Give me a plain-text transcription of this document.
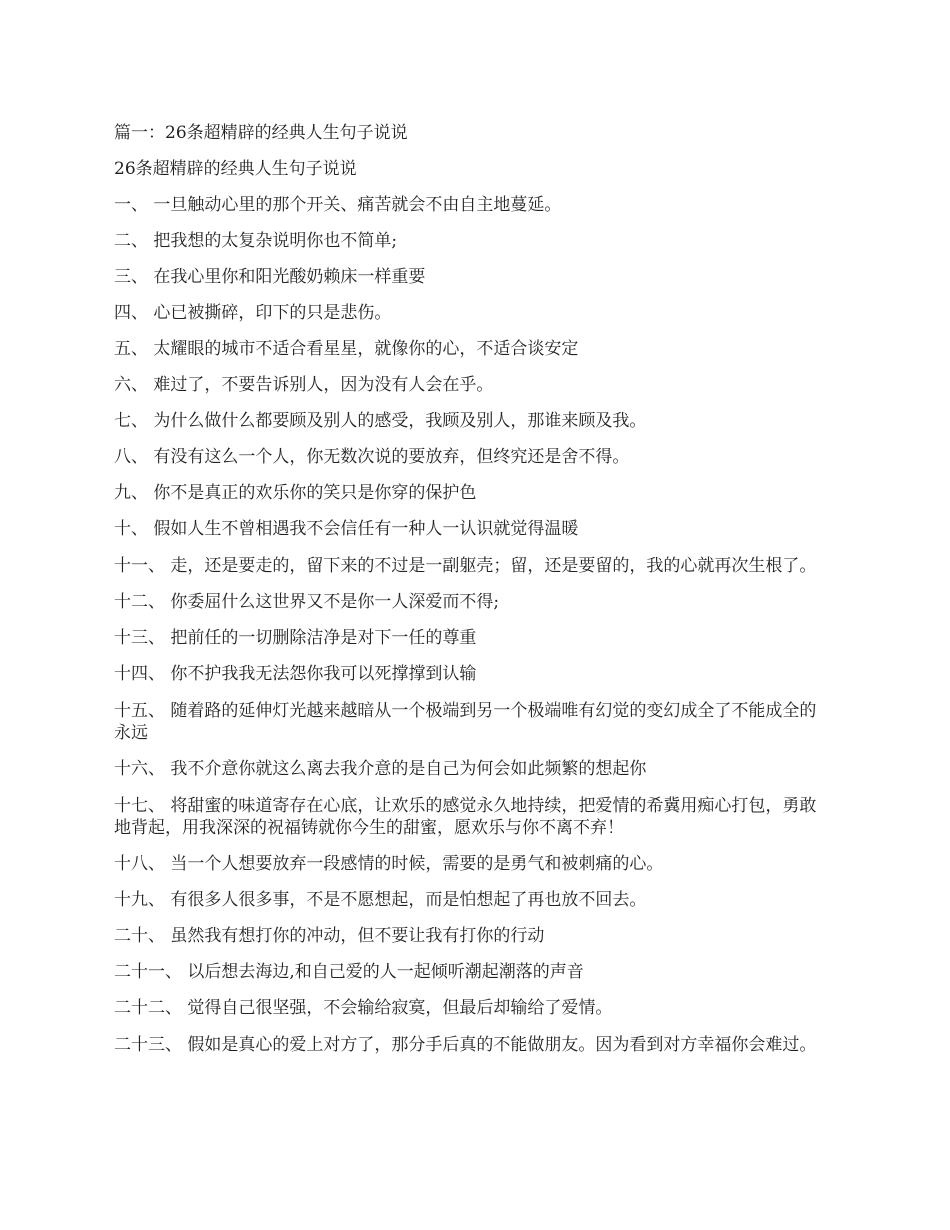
篇一：26条超精辟的经典人生句子说说

26条超精辟的经典人生句子说说

一、 一旦触动心里的那个开关、痛苦就会不由自主地蔓延。

二、 把我想的太复杂说明你也不简单;

三、 在我心里你和阳光酸奶赖床一样重要

四、 心已被撕碎，印下的只是悲伤。

五、 太耀眼的城市不适合看星星，就像你的心，不适合谈安定

六、 难过了，不要告诉别人，因为没有人会在乎。

七、 为什么做什么都要顾及别人的感受，我顾及别人，那谁来顾及我。

八、 有没有这么一个人，你无数次说的要放弃，但终究还是舍不得。

九、 你不是真正的欢乐你的笑只是你穿的保护色

十、 假如人生不曾相遇我不会信任有一种人一认识就觉得温暖

十一、 走，还是要走的，留下来的不过是一副躯壳；留，还是要留的，我的心就再次生根了。

十二、 你委屈什么这世界又不是你一人深爱而不得;

十三、 把前任的一切删除洁净是对下一任的尊重

十四、 你不护我我无法怨你我可以死撑撑到认输

十五、 随着路的延伸灯光越来越暗从一个极端到另一个极端唯有幻觉的变幻成全了不能成全的永远

十六、 我不介意你就这么离去我介意的是自己为何会如此频繁的想起你

十七、 将甜蜜的味道寄存在心底，让欢乐的感觉永久地持续，把爱情的希冀用痴心打包，勇敢地背起，用我深深的祝福铸就你今生的甜蜜，愿欢乐与你不离不弃！

十八、 当一个人想要放弃一段感情的时候，需要的是勇气和被刺痛的心。

十九、 有很多人很多事，不是不愿想起，而是怕想起了再也放不回去。

二十、 虽然我有想打你的冲动，但不要让我有打你的行动

二十一、 以后想去海边,和自己爱的人一起倾听潮起潮落的声音

二十二、 觉得自己很坚强，不会输给寂寞，但最后却输给了爱情。

二十三、 假如是真心的爱上对方了，那分手后真的不能做朋友。因为看到对方幸福你会难过。
